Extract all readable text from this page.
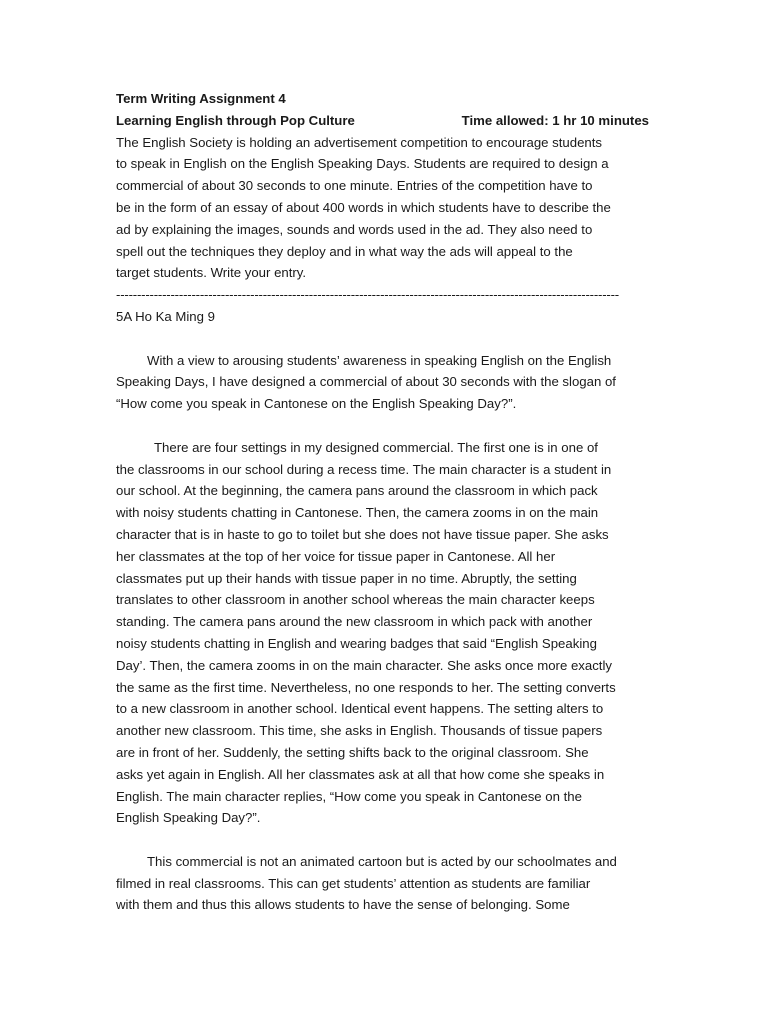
Term Writing Assignment 4
Learning English through Pop Culture	Time allowed: 1 hr 10 minutes
The English Society is holding an advertisement competition to encourage students
to speak in English on the English Speaking Days. Students are required to design a
commercial of about 30 seconds to one minute. Entries of the competition have to
be in the form of an essay of about 400 words in which students have to describe the
ad by explaining the images, sounds and words used in the ad. They also need to
spell out the techniques they deploy and in what way the ads will appeal to the
target students. Write your entry.
------------------------------------------------------------------------------------------------------------------------
5A Ho Ka Ming 9
With a view to arousing students’ awareness in speaking English on the English
Speaking Days, I have designed a commercial of about 30 seconds with the slogan of
“How come you speak in Cantonese on the English Speaking Day?”.
There are four settings in my designed commercial. The first one is in one of
the classrooms in our school during a recess time. The main character is a student in
our school. At the beginning, the camera pans around the classroom in which pack
with noisy students chatting in Cantonese. Then, the camera zooms in on the main
character that is in haste to go to toilet but she does not have tissue paper. She asks
her classmates at the top of her voice for tissue paper in Cantonese. All her
classmates put up their hands with tissue paper in no time. Abruptly, the setting
translates to other classroom in another school whereas the main character keeps
standing. The camera pans around the new classroom in which pack with another
noisy students chatting in English and wearing badges that said “English Speaking
Day’. Then, the camera zooms in on the main character. She asks once more exactly
the same as the first time. Nevertheless, no one responds to her. The setting converts
to a new classroom in another school. Identical event happens. The setting alters to
another new classroom. This time, she asks in English. Thousands of tissue papers
are in front of her. Suddenly, the setting shifts back to the original classroom. She
asks yet again in English. All her classmates ask at all that how come she speaks in
English. The main character replies, “How come you speak in Cantonese on the
English Speaking Day?”.
This commercial is not an animated cartoon but is acted by our schoolmates and
filmed in real classrooms. This can get students’ attention as students are familiar
with them and thus this allows students to have the sense of belonging. Some
